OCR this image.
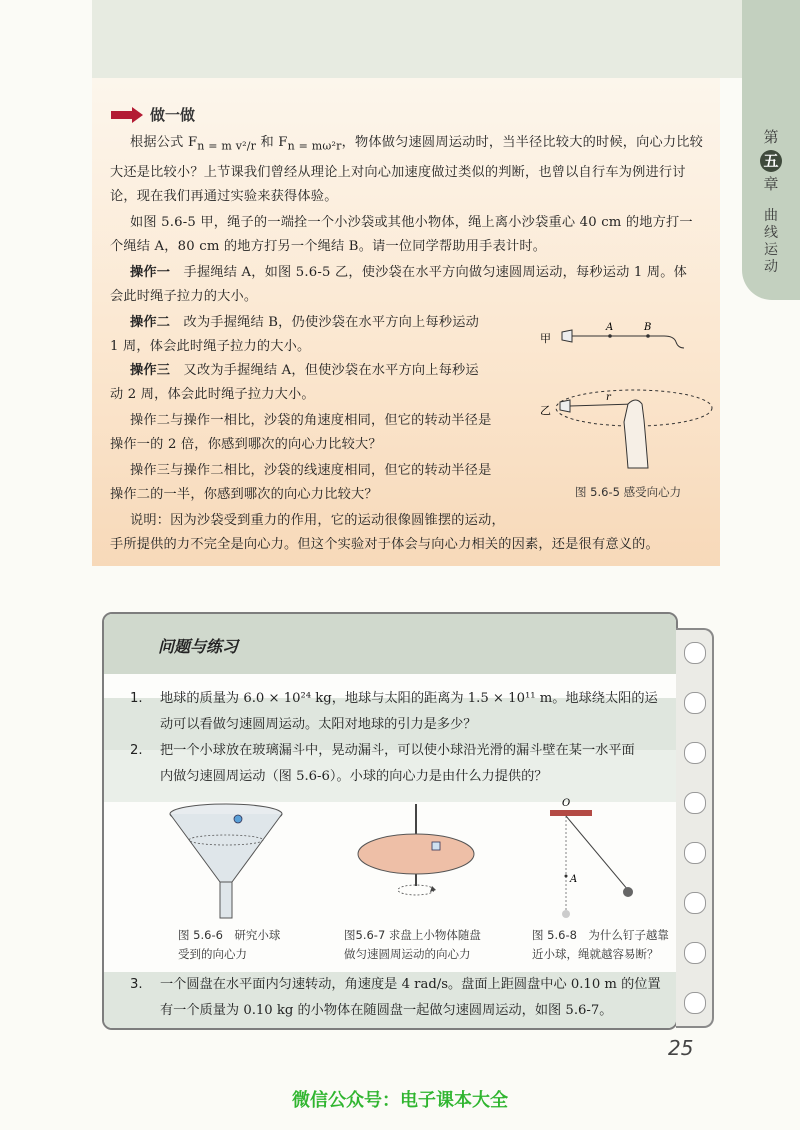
第
五
章
曲
线
运
动
做一做
根据公式 $F_{n = m v^2/r}$ 和 $F_{n = m\omega^2r}$，物体做匀速圆周运动时，当半径比较大的时候，向心力比较
大还是比较小？上节课我们曾经从理论上对向心加速度做过类似的判断，也曾以自行车为例进行讨
论，现在我们再通过实验来获得体验。
如图 5.6-5 甲，绳子的一端拴一个小沙袋或其他小物体，绳上离小沙袋重心 40 cm 的地方打一
个绳结 A，80 cm 的地方打另一个绳结 B。请一位同学帮助用手表计时。
操作一　手握绳结 A，如图 5.6-5 乙，使沙袋在水平方向做匀速圆周运动，每秒运动 1 周。体
会此时绳子拉力的大小。
操作二　改为手握绳结 B，仍使沙袋在水平方向上每秒运动
1 周，体会此时绳子拉力的大小。
操作三　又改为手握绳结 A，但使沙袋在水平方向上每秒运
动 2 周，体会此时绳子拉力大小。
操作二与操作一相比，沙袋的角速度相同，但它的转动半径是
操作一的 2 倍，你感到哪次的向心力比较大？
操作三与操作二相比，沙袋的线速度相同，但它的转动半径是
操作二的一半，你感到哪次的向心力比较大？
说明：因为沙袋受到重力的作用，它的运动很像圆锥摆的运动，
手所提供的力不完全是向心力。但这个实验对于体会与向心力相关的因素，还是很有意义的。
甲
A	B
乙
r
图 5.6-5 感受向心力
问题与练习
1. 地球的质量为 6.0 × 10²⁴ kg，地球与太阳的距离为 1.5 × 10¹¹ m。地球绕太阳的运
动可以看做匀速圆周运动。太阳对地球的引力是多少？
2. 把一个小球放在玻璃漏斗中，晃动漏斗，可以使小球沿光滑的漏斗壁在某一水平面
内做匀速圆周运动（图 5.6-6）。小球的向心力是由什么力提供的？
O
A
图 5.6-6　研究小球
受到的向心力
图5.6-7 求盘上小物体随盘
做匀速圆周运动的向心力
图 5.6-8　为什么钉子越靠
近小球，绳就越容易断？
3. 一个圆盘在水平面内匀速转动，角速度是 4 rad/s。盘面上距圆盘中心 0.10 m 的位置
有一个质量为 0.10 kg 的小物体在随圆盘一起做匀速圆周运动，如图 5.6-7。
25
微信公众号：电子课本大全
